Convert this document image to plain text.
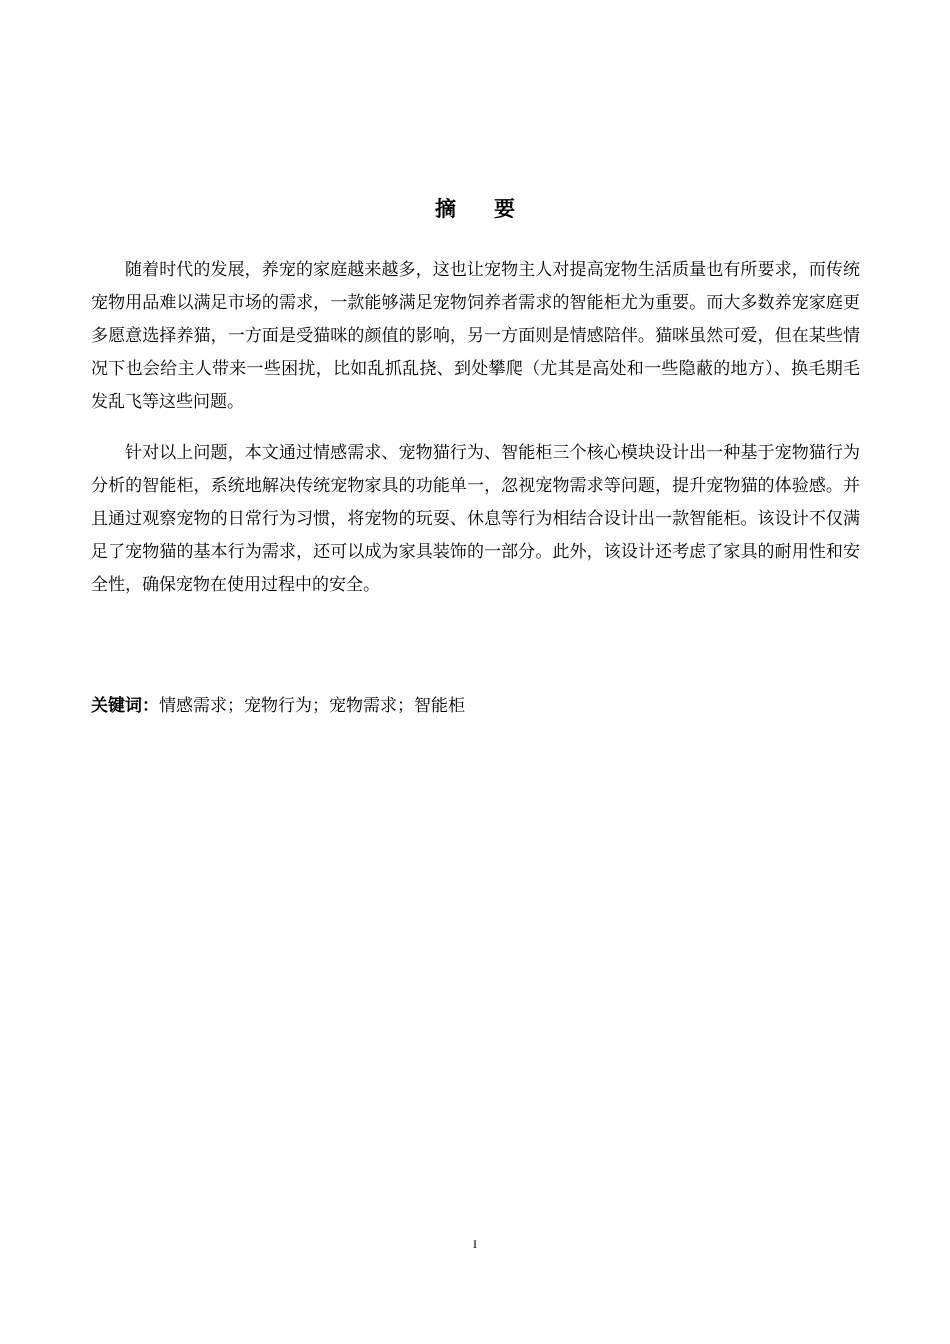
摘要

随着时代的发展，养宠的家庭越来越多，这也让宠物主人对提高宠物生活质量也有所要求，而传统宠物用品难以满足市场的需求，一款能够满足宠物饲养者需求的智能柜尤为重要。而大多数养宠家庭更多愿意选择养猫，一方面是受猫咪的颜值的影响，另一方面则是情感陪伴。猫咪虽然可爱，但在某些情况下也会给主人带来一些困扰，比如乱抓乱挠、到处攀爬（尤其是高处和一些隐蔽的地方）、换毛期毛发乱飞等这些问题。

针对以上问题，本文通过情感需求、宠物猫行为、智能柜三个核心模块设计出一种基于宠物猫行为分析的智能柜，系统地解决传统宠物家具的功能单一，忽视宠物需求等问题，提升宠物猫的体验感。并且通过观察宠物的日常行为习惯，将宠物的玩耍、休息等行为相结合设计出一款智能柜。该设计不仅满足了宠物猫的基本行为需求，还可以成为家具装饰的一部分。此外，该设计还考虑了家具的耐用性和安全性，确保宠物在使用过程中的安全。

关键词：情感需求；宠物行为；宠物需求；智能柜
I
